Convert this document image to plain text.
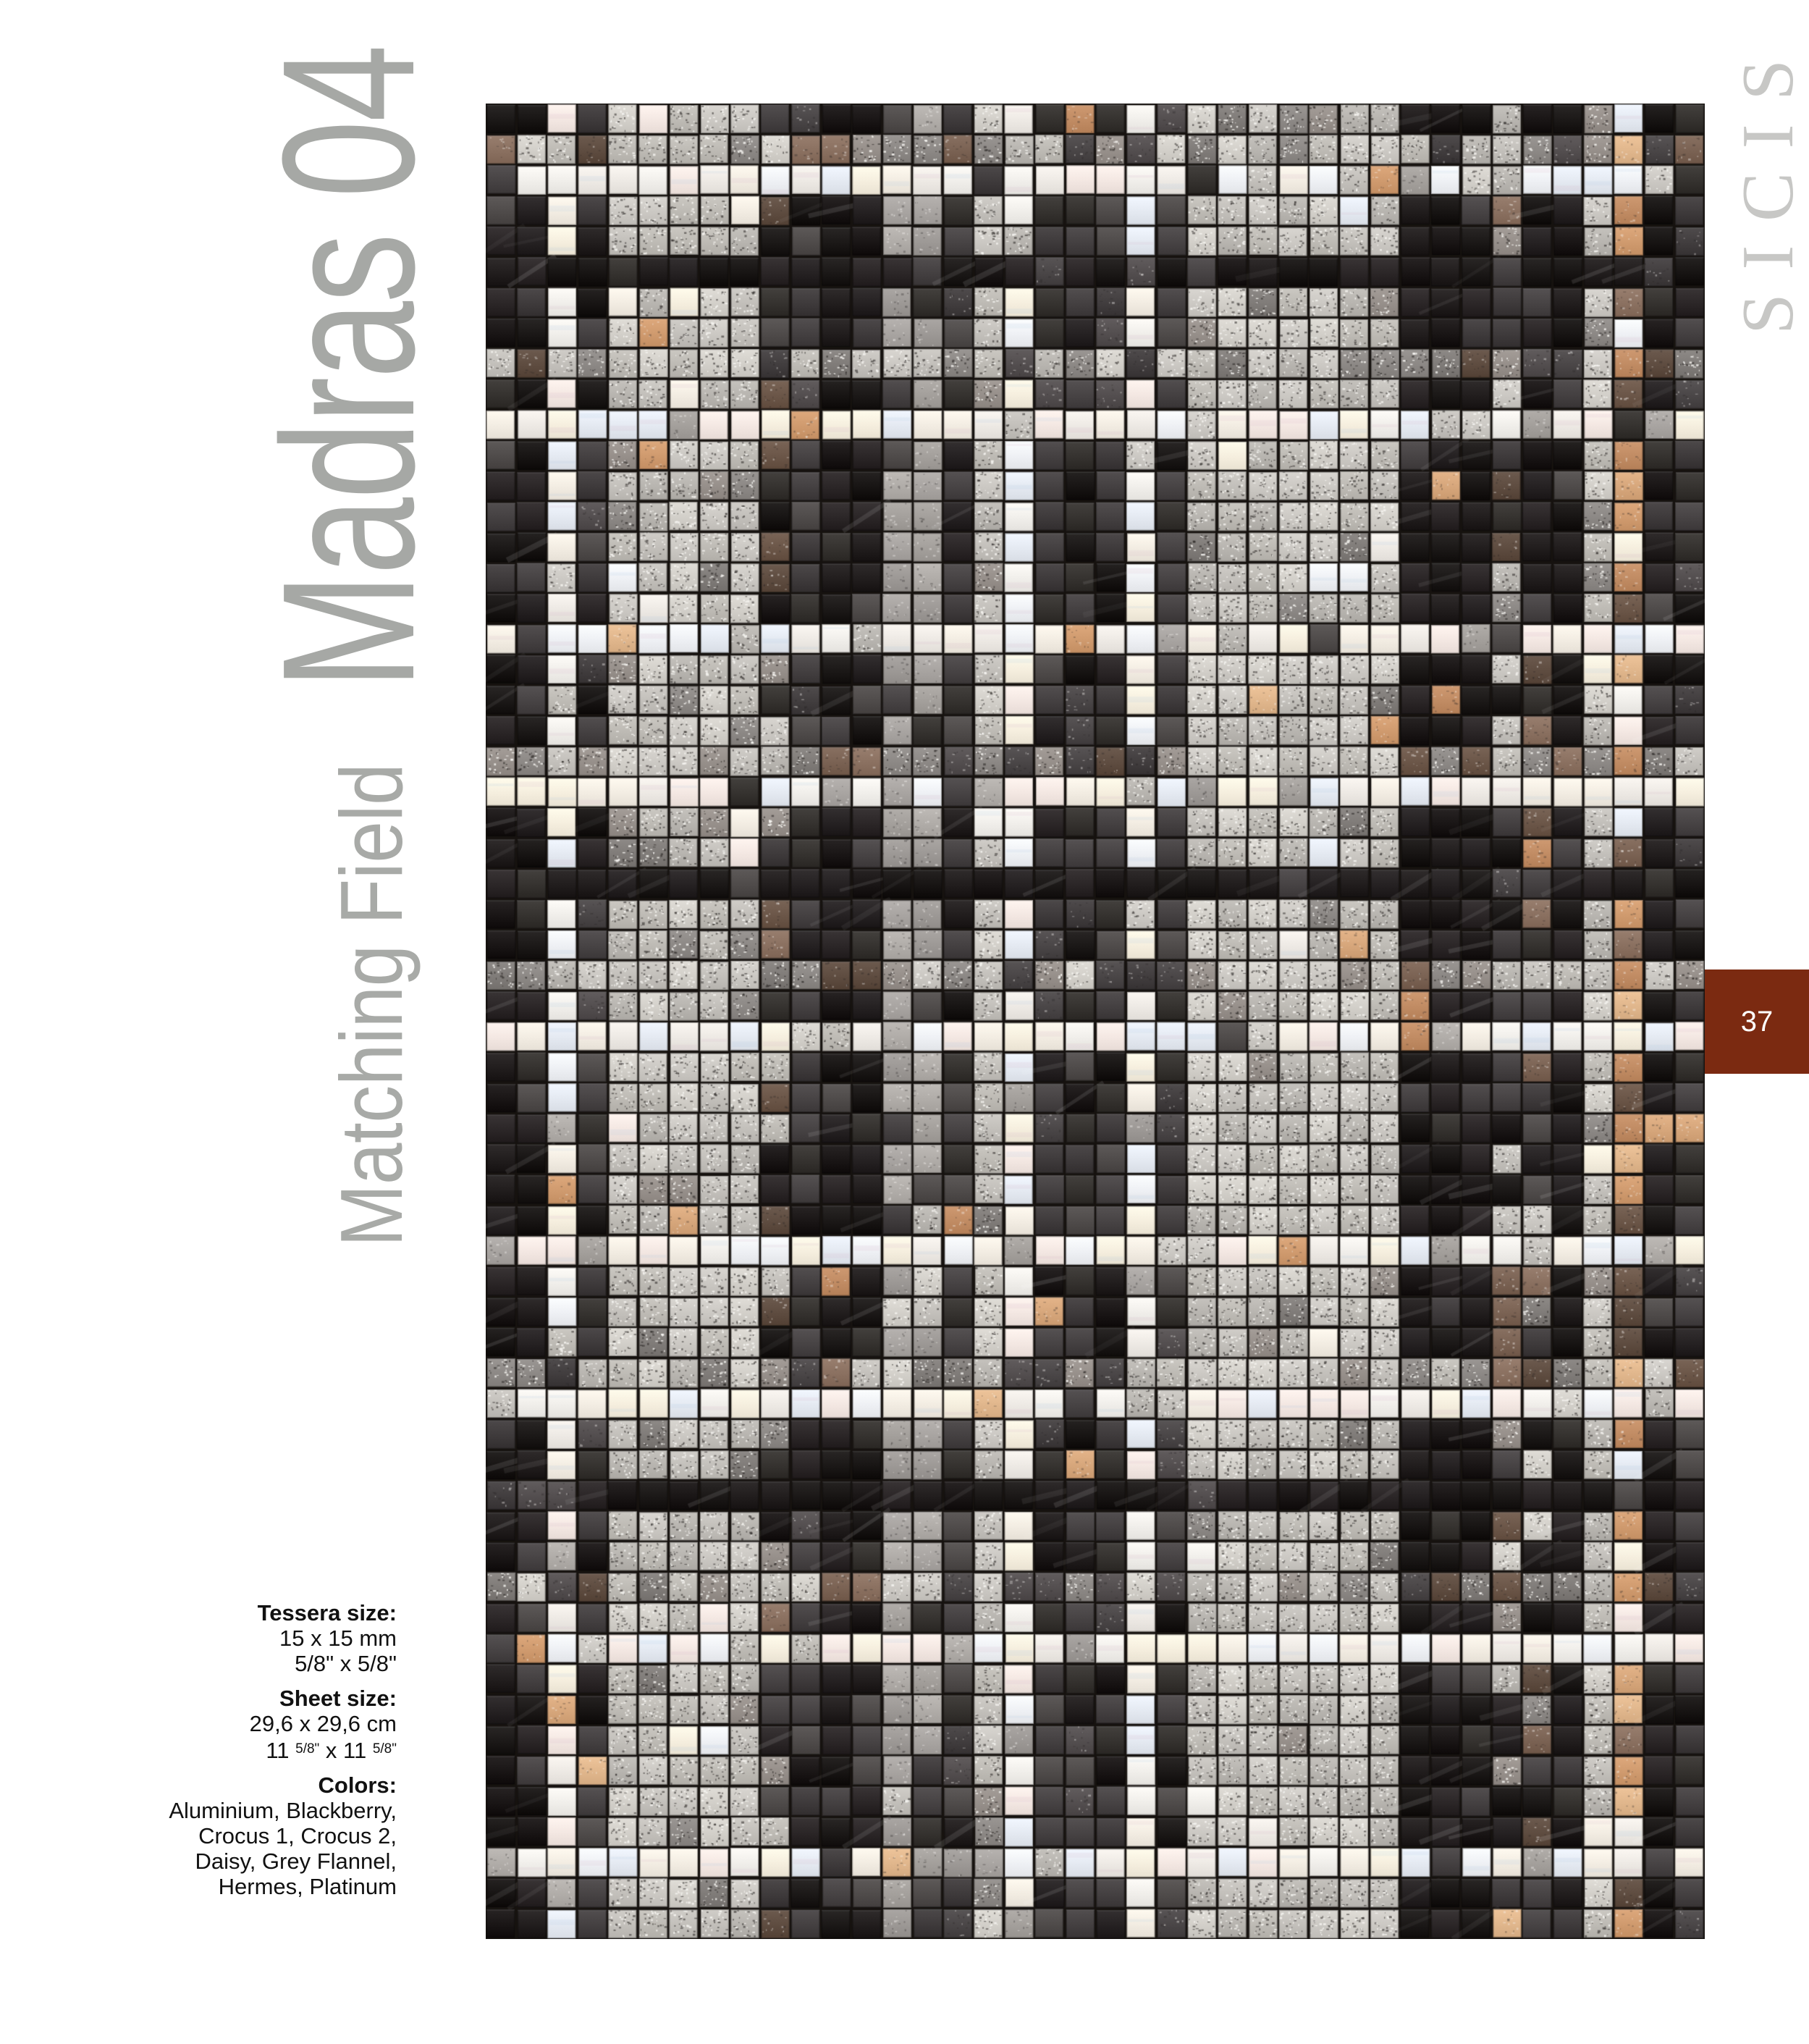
Madras 04
Matching Field
SICIS
37
Tessera size:
15 x 15 mm
5/8" x 5/8"
Sheet size:
29,6 x 29,6 cm
11 $^{5/8"}$ x 11 $^{5/8"}$
Colors:
Aluminium, Blackberry,
Crocus 1, Crocus 2,
Daisy, Grey Flannel,
Hermes, Platinum
